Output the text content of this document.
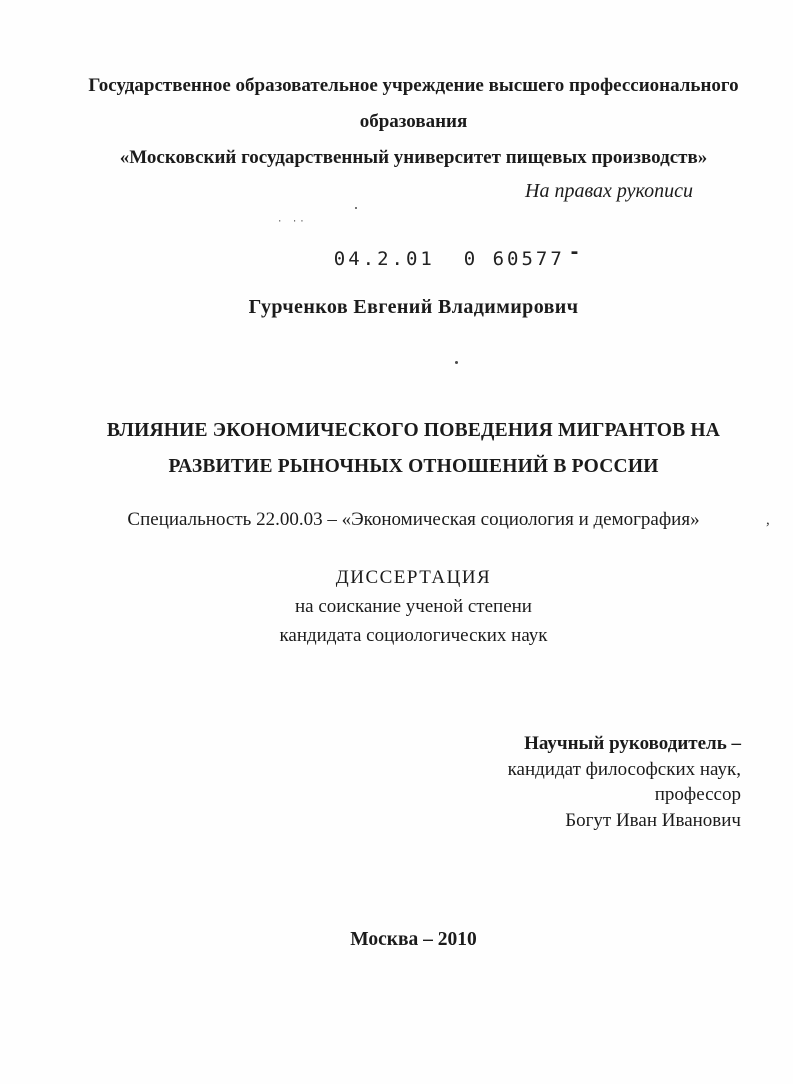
Государственное образовательное учреждение высшего профессионального
образования
«Московский государственный университет пищевых производств»
На правах рукописи

· ··
04.2.01  0 60577 -

Гурченков Евгений Владимирович
ВЛИЯНИЕ ЭКОНОМИЧЕСКОГО ПОВЕДЕНИЯ МИГРАНТОВ НА
РАЗВИТИЕ РЫНОЧНЫХ ОТНОШЕНИЙ В РОССИИ
Специальность 22.00.03 – «Экономическая социология и демография»	,
ДИССЕРТАЦИЯ
на соискание ученой степени
кандидата социологических наук
Научный руководитель –
кандидат философских наук,
профессор
Богут Иван Иванович
Москва – 2010
